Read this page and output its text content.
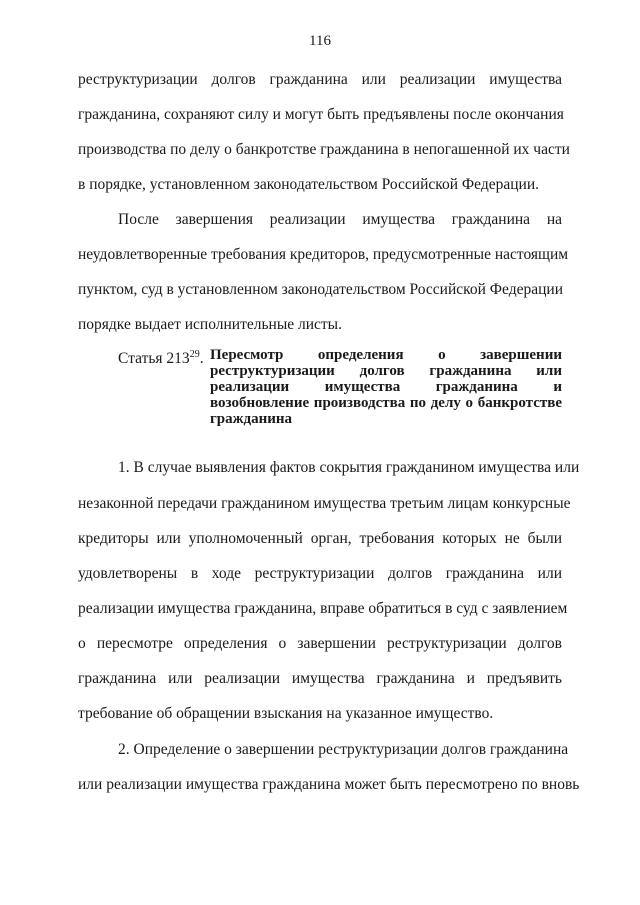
116
реструктуризации долгов гражданина или реализации имущества
гражданина, сохраняют силу и могут быть предъявлены после окончания
производства по делу о банкротстве гражданина в непогашенной их части
в порядке, установленном законодательством Российской Федерации.
После завершения реализации имущества гражданина на
неудовлетворенные требования кредиторов, предусмотренные настоящим
пунктом, суд в установленном законодательством Российской Федерации
порядке выдает исполнительные листы.
Статья $213^{29}$. Пересмотр определения о завершении
реструктуризации долгов гражданина или
реализации имущества гражданина и
возобновление производства по делу о банкротстве
гражданина
1. В случае выявления фактов сокрытия гражданином имущества или
незаконной передачи гражданином имущества третьим лицам конкурсные
кредиторы или уполномоченный орган, требования которых не были
удовлетворены в ходе реструктуризации долгов гражданина или
реализации имущества гражданина, вправе обратиться в суд с заявлением
о пересмотре определения о завершении реструктуризации долгов
гражданина или реализации имущества гражданина и предъявить
требование об обращении взыскания на указанное имущество.
2. Определение о завершении реструктуризации долгов гражданина
или реализации имущества гражданина может быть пересмотрено по вновь
